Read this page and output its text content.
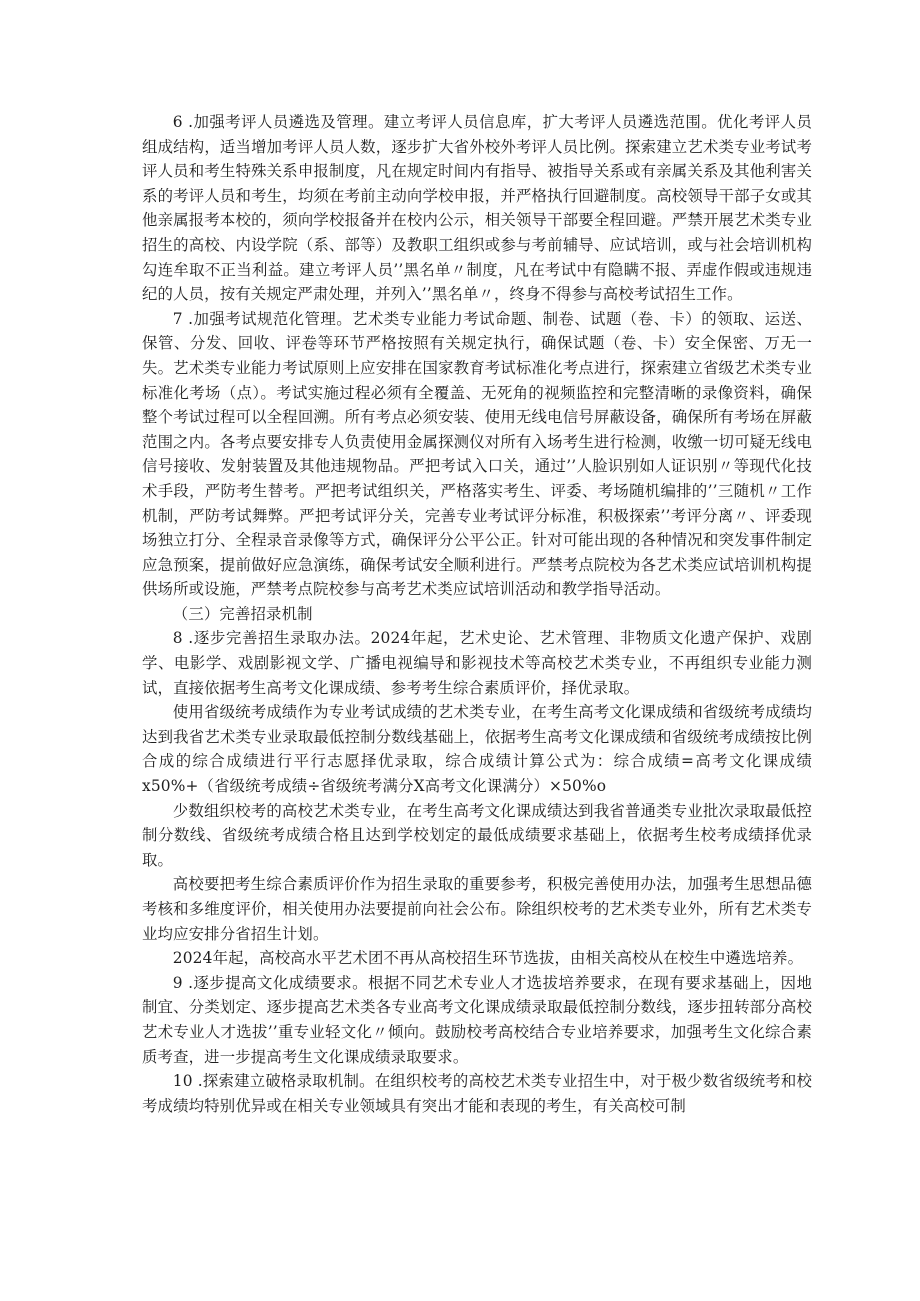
6 .加强考评人员遴选及管理。建立考评人员信息库，扩大考评人员遴选范围。优化考评人员组成结构，适当增加考评人员人数，逐步扩大省外校外考评人员比例。探索建立艺术类专业考试考评人员和考生特殊关系申报制度，凡在规定时间内有指导、被指导关系或有亲属关系及其他利害关系的考评人员和考生，均须在考前主动向学校申报，并严格执行回避制度。高校领导干部子女或其他亲属报考本校的，须向学校报备并在校内公示，相关领导干部要全程回避。严禁开展艺术类专业招生的高校、内设学院（系、部等）及教职工组织或参与考前辅导、应试培训，或与社会培训机构勾连牟取不正当利益。建立考评人员’’黑名单〃制度，凡在考试中有隐瞒不报、弄虚作假或违规违纪的人员，按有关规定严肃处理，并列入’’黑名单〃，终身不得参与高校考试招生工作。

7 .加强考试规范化管理。艺术类专业能力考试命题、制卷、试题（卷、卡）的领取、运送、保管、分发、回收、评卷等环节严格按照有关规定执行，确保试题（卷、卡）安全保密、万无一失。艺术类专业能力考试原则上应安排在国家教育考试标准化考点进行，探索建立省级艺术类专业标准化考场（点）。考试实施过程必须有全覆盖、无死角的视频监控和完整清晰的录像资料，确保整个考试过程可以全程回溯。所有考点必须安装、使用无线电信号屏蔽设备，确保所有考场在屏蔽范围之内。各考点要安排专人负责使用金属探测仪对所有入场考生进行检测，收缴一切可疑无线电信号接收、发射装置及其他违规物品。严把考试入口关，通过’’人脸识别如人证识别〃等现代化技术手段，严防考生替考。严把考试组织关，严格落实考生、评委、考场随机编排的’’三随机〃工作机制，严防考试舞弊。严把考试评分关，完善专业考试评分标准，积极探索’’考评分离〃、评委现场独立打分、全程录音录像等方式，确保评分公平公正。针对可能出现的各种情况和突发事件制定应急预案，提前做好应急演练，确保考试安全顺利进行。严禁考点院校为各艺术类应试培训机构提供场所或设施，严禁考点院校参与高考艺术类应试培训活动和教学指导活动。

（三）完善招录机制

8 .逐步完善招生录取办法。2024年起，艺术史论、艺术管理、非物质文化遗产保护、戏剧学、电影学、戏剧影视文学、广播电视编导和影视技术等高校艺术类专业，不再组织专业能力测试，直接依据考生高考文化课成绩、参考考生综合素质评价，择优录取。

使用省级统考成绩作为专业考试成绩的艺术类专业，在考生高考文化课成绩和省级统考成绩均达到我省艺术类专业录取最低控制分数线基础上，依据考生高考文化课成绩和省级统考成绩按比例合成的综合成绩进行平行志愿择优录取，综合成绩计算公式为：综合成绩=高考文化课成绩x50%+（省级统考成绩÷省级统考满分X高考文化课满分）×50%o

少数组织校考的高校艺术类专业，在考生高考文化课成绩达到我省普通类专业批次录取最低控制分数线、省级统考成绩合格且达到学校划定的最低成绩要求基础上，依据考生校考成绩择优录取。

高校要把考生综合素质评价作为招生录取的重要参考，积极完善使用办法，加强考生思想品德考核和多维度评价，相关使用办法要提前向社会公布。除组织校考的艺术类专业外，所有艺术类专业均应安排分省招生计划。

2024年起，高校高水平艺术团不再从高校招生环节选拔，由相关高校从在校生中遴选培养。

9 .逐步提高文化成绩要求。根据不同艺术专业人才选拔培养要求，在现有要求基础上，因地制宜、分类划定、逐步提高艺术类各专业高考文化课成绩录取最低控制分数线，逐步扭转部分高校艺术专业人才选拔’’重专业轻文化〃倾向。鼓励校考高校结合专业培养要求，加强考生文化综合素质考查，进一步提高考生文化课成绩录取要求。

10 .探索建立破格录取机制。在组织校考的高校艺术类专业招生中，对于极少数省级统考和校考成绩均特别优异或在相关专业领域具有突出才能和表现的考生，有关高校可制
